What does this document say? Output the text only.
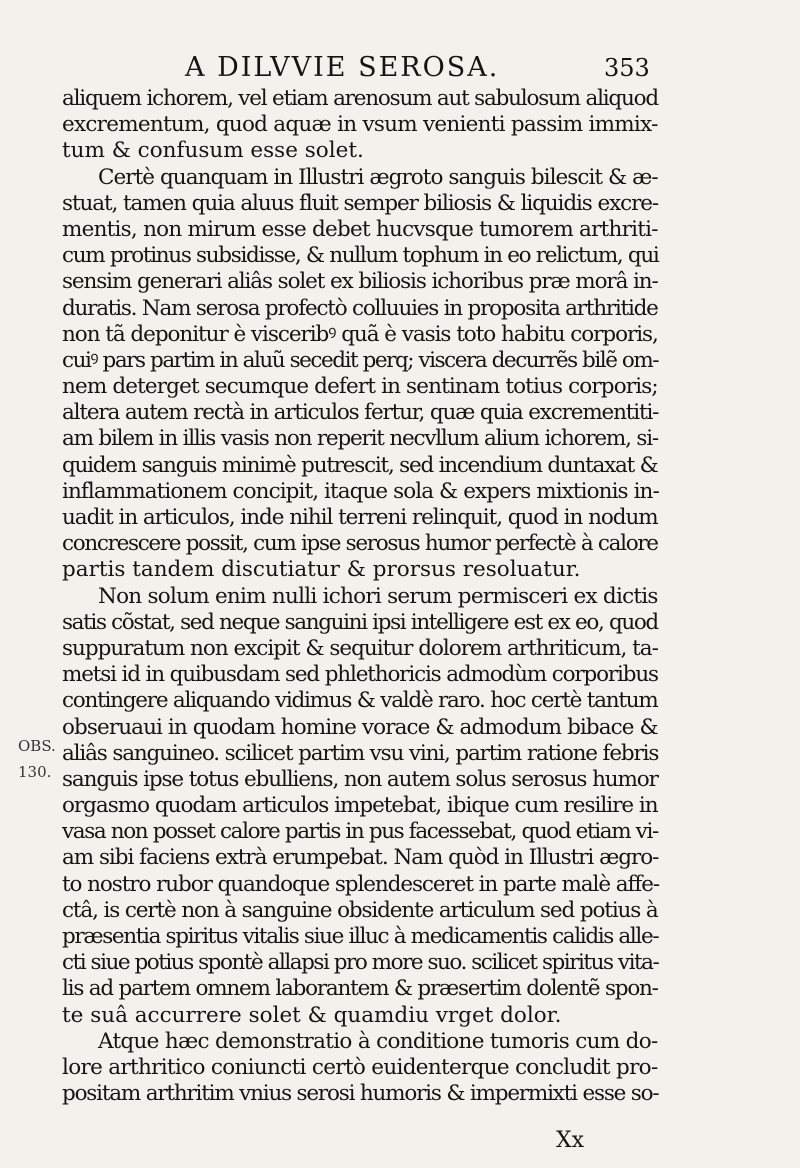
A DILVVIE SEROSA.	353
aliquem ichorem, vel etiam arenosum aut sabulosum aliquod
excrementum, quod aquæ in vsum venienti passim immix-
tum & confusum esse solet.
Certè quanquam in Illustri ægroto sanguis bilescit & æ-
stuat, tamen quia aluus fluit semper biliosis & liquidis excre-
mentis, non mirum esse debet hucvsque tumorem arthriti-
cum protinus subsidisse, & nullum tophum in eo relictum, qui
sensim generari aliâs solet ex biliosis ichoribus præ morâ in-
duratis. Nam serosa profectò colluuies in proposita arthritide
non tã deponitur è visceribꝰ quã è vasis toto habitu corporis,
cuiꝰ pars partim in aluũ secedit perq; viscera decurrẽs bilẽ om-
nem deterget secumque defert in sentinam totius corporis;
altera autem rectà in articulos fertur, quæ quia excrementiti-
am bilem in illis vasis non reperit necvllum alium ichorem, si-
quidem sanguis minimè putrescit, sed incendium duntaxat &
inflammationem concipit, itaque sola & expers mixtionis in-
uadit in articulos, inde nihil terreni relinquit, quod in nodum
concrescere possit, cum ipse serosus humor perfectè à calore
partis tandem discutiatur & prorsus resoluatur.
Non solum enim nulli ichori serum permisceri ex dictis
satis cõstat, sed neque sanguini ipsi intelligere est ex eo, quod
suppuratum non excipit & sequitur dolorem arthriticum, ta-
metsi id in quibusdam sed phlethoricis admodùm corporibus
contingere aliquando vidimus & valdè raro. hoc certè tantum
obseruaui in quodam homine vorace & admodum bibace &
aliâs sanguineo. scilicet partim vsu vini, partim ratione febris
sanguis ipse totus ebulliens, non autem solus serosus humor
orgasmo quodam articulos impetebat, ibique cum resilire in
vasa non posset calore partis in pus facessebat, quod etiam vi-
am sibi faciens extrà erumpebat. Nam quòd in Illustri ægro-
to nostro rubor quandoque splendesceret in parte malè affe-
ctâ, is certè non à sanguine obsidente articulum sed potius à
præsentia spiritus vitalis siue illuc à medicamentis calidis alle-
cti siue potius spontè allapsi pro more suo. scilicet spiritus vita-
lis ad partem omnem laborantem & præsertim dolentẽ spon-
te suâ accurrere solet & quamdiu vrget dolor.
Atque hæc demonstratio à conditione tumoris cum do-
lore arthritico coniuncti certò euidenterque concludit pro-
positam arthritim vnius serosi humoris & impermixti esse so-
OBS.
130.
Xx
